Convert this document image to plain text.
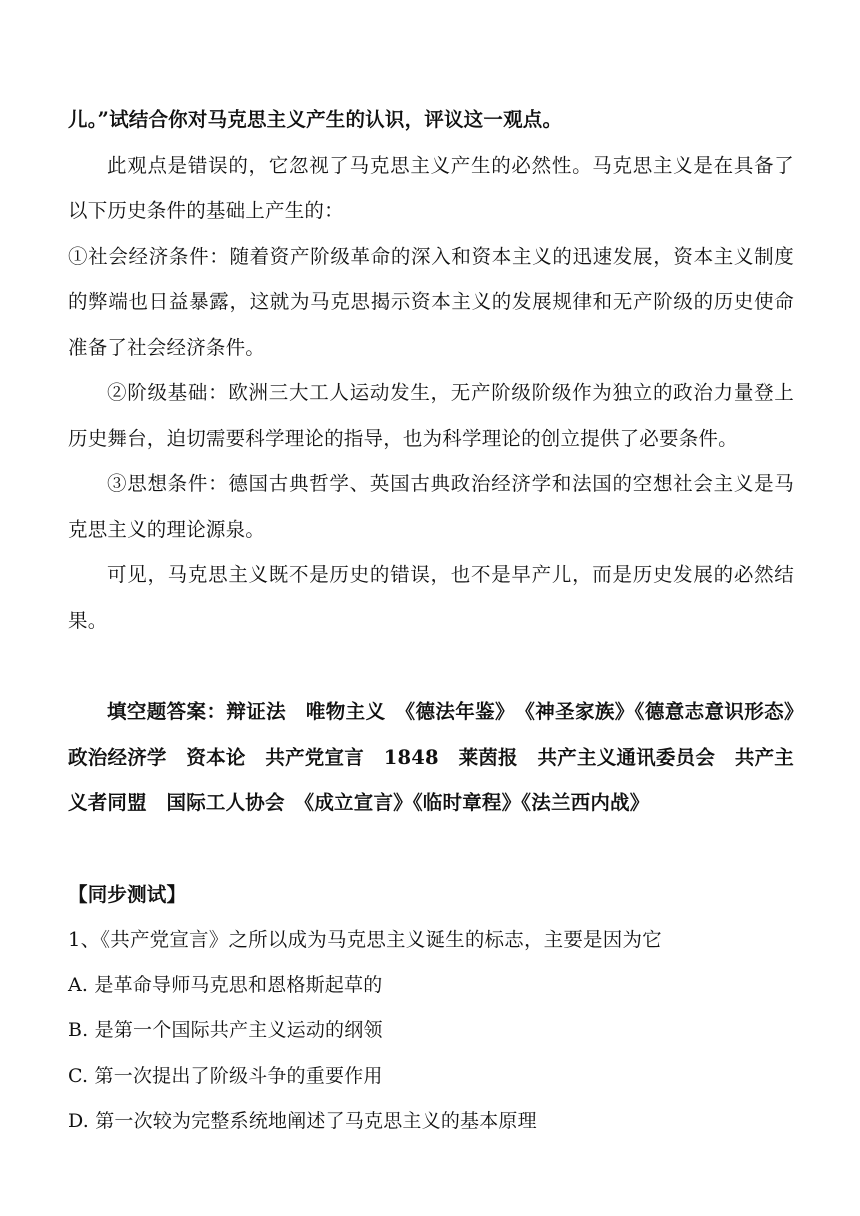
儿。”试结合你对马克思主义产生的认识，评议这一观点。

此观点是错误的，它忽视了马克思主义产生的必然性。马克思主义是在具备了以下历史条件的基础上产生的：

①社会经济条件：随着资产阶级革命的深入和资本主义的迅速发展，资本主义制度的弊端也日益暴露，这就为马克思揭示资本主义的发展规律和无产阶级的历史使命准备了社会经济条件。

②阶级基础：欧洲三大工人运动发生，无产阶级阶级作为独立的政治力量登上历史舞台，迫切需要科学理论的指导，也为科学理论的创立提供了必要条件。

③思想条件：德国古典哲学、英国古典政治经济学和法国的空想社会主义是马克思主义的理论源泉。

可见，马克思主义既不是历史的错误，也不是早产儿，而是历史发展的必然结果。

填空题答案：辩证法　唯物主义　《德法年鉴》　《神圣家族》《德意志意识形态》　政治经济学　资本论　共产党宣言　1848　莱茵报　共产主义通讯委员会　共产主义者同盟　国际工人协会　《成立宣言》《临时章程》《法兰西内战》

【同步测试】

1、《共产党宣言》之所以成为马克思主义诞生的标志，主要是因为它

A. 是革命导师马克思和恩格斯起草的

B. 是第一个国际共产主义运动的纲领

C. 第一次提出了阶级斗争的重要作用

D. 第一次较为完整系统地阐述了马克思主义的基本原理
